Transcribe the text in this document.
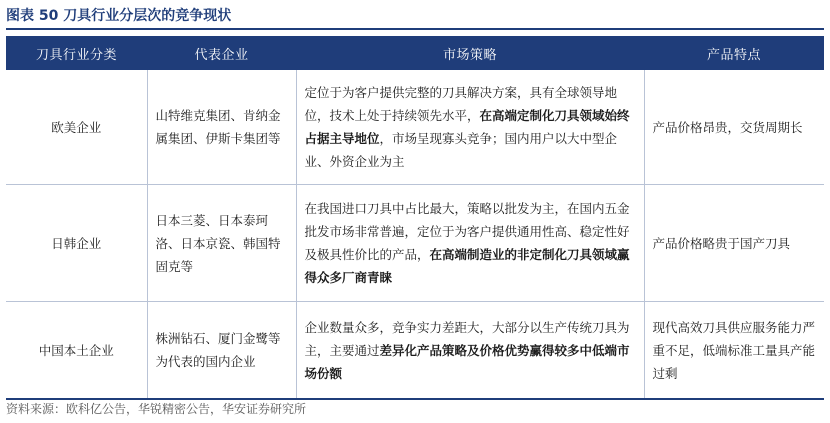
图表 50 刀具行业分层次的竞争现状
刀具行业分类	代表企业	市场策略	产品特点
欧美企业	山特维克集团、肯纳金属集团、伊斯卡集团等	定位于为客户提供完整的刀具解决方案，具有全球领导地位，技术上处于持续领先水平，在高端定制化刀具领域始终占据主导地位，市场呈现寡头竞争；国内用户以大中型企业、外资企业为主	产品价格昂贵，交货周期长
日韩企业	日本三菱、日本泰珂洛、日本京瓷、韩国特固克等	在我国进口刀具中占比最大，策略以批发为主，在国内五金批发市场非常普遍，定位于为客户提供通用性高、稳定性好及极具性价比的产品，在高端制造业的非定制化刀具领域赢得众多厂商青睐	产品价格略贵于国产刀具
中国本土企业	株洲钻石、厦门金鹭等为代表的国内企业	企业数量众多，竞争实力差距大，大部分以生产传统刀具为主，主要通过差异化产品策略及价格优势赢得较多中低端市场份额	现代高效刀具供应服务能力严重不足，低端标准工量具产能过剩
资料来源：欧科亿公告，华锐精密公告，华安证券研究所
